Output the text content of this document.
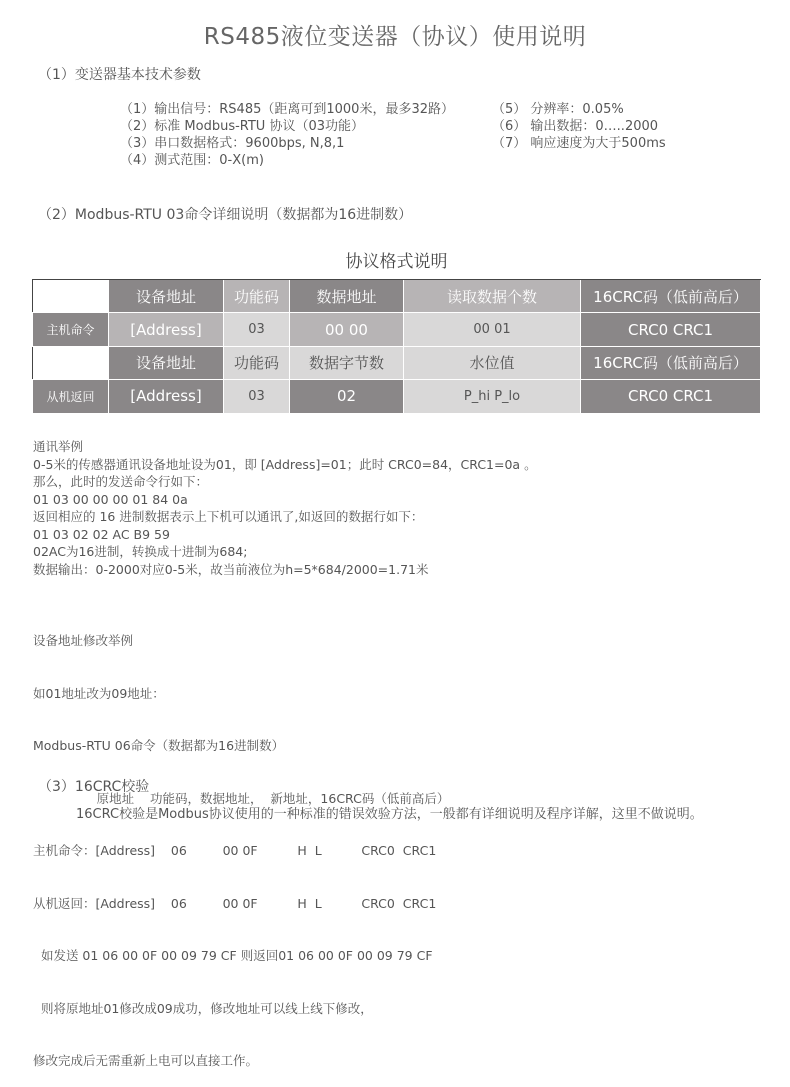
RS485液位变送器（协议）使用说明
（1）变送器基本技术参数
（1）输出信号：RS485（距离可到1000米，最多32路）
（2）标准 Modbus-RTU 协议（03功能）
（3）串口数据格式：9600bps, N,8,1
（4）测式范围：0-X(m)
（5） 分辨率：0.05%
（6） 输出数据：0…..2000
（7） 响应速度为大于500ms
（2）Modbus-RTU 03命令详细说明（数据都为16进制数）
协议格式说明					
	设备地址	功能码	数据地址	读取数据个数	16CRC码（低前高后）
主机命令	[Address]	03	00 00	00 01	CRC0 CRC1
	设备地址	功能码	数据字节数	水位值	16CRC码（低前高后）
从机返回	[Address]	03	02	P_hi P_lo	CRC0 CRC1
通讯举例
0-5米的传感器通讯设备地址设为01，即 [Address]=01；此时 CRC0=84，CRC1=0a 。
那么，此时的发送命令行如下：
01 03 00 00 00 01 84 0a
返回相应的 16 进制数据表示上下机可以通讯了,如返回的数据行如下：
01 03 02 02 AC B9 59
02AC为16进制，转换成十进制为684;
数据输出：0-2000对应0-5米，故当前液位为h=5*684/2000=1.71米

设备地址修改举例

如01地址改为09地址：

Modbus-RTU 06命令（数据都为16进制数）

原地址    功能码，数据地址，  新地址，16CRC码（低前高后）

主机命令：[Address]    06         00 0F          H  L          CRC0  CRC1

从机返回：[Address]    06         00 0F          H  L          CRC0  CRC1

如发送 01 06 00 0F 00 09 79 CF 则返回01 06 00 0F 00 09 79 CF

则将原地址01修改成09成功，修改地址可以线上线下修改，

修改完成后无需重新上电可以直接工作。

（3）16CRC校验
16CRC校验是Modbus协议使用的一种标准的错误效验方法，一般都有详细说明及程序详解，这里不做说明。
